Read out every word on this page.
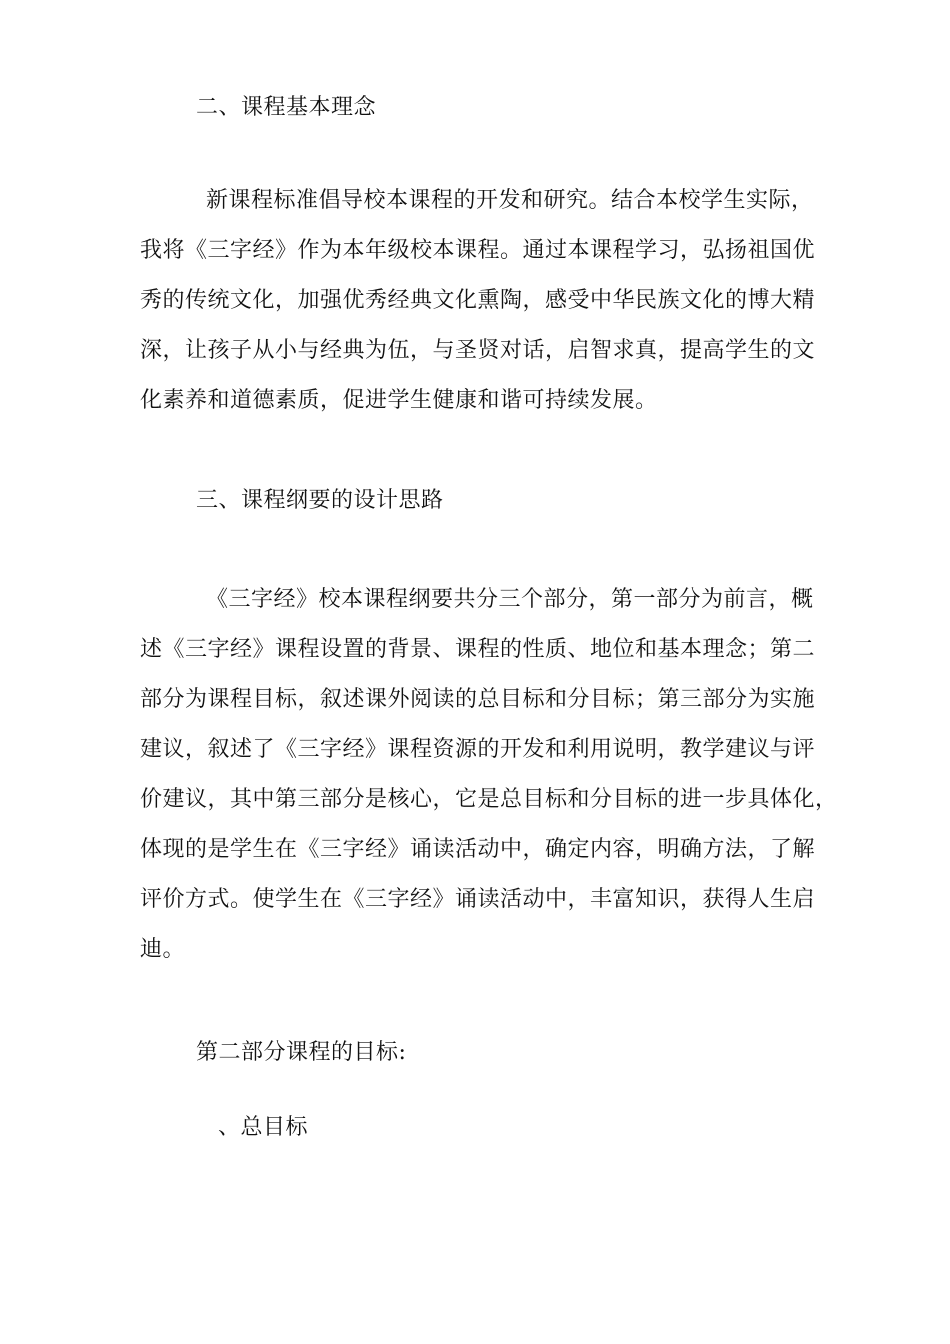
二、课程基本理念
新课程标准倡导校本课程的开发和研究。结合本校学生实际，
我将《三字经》作为本年级校本课程。通过本课程学习，弘扬祖国优
秀的传统文化，加强优秀经典文化熏陶，感受中华民族文化的博大精
深，让孩子从小与经典为伍，与圣贤对话，启智求真，提高学生的文
化素养和道德素质，促进学生健康和谐可持续发展。
三、课程纲要的设计思路
《三字经》校本课程纲要共分三个部分，第一部分为前言，概
述《三字经》课程设置的背景、课程的性质、地位和基本理念；第二
部分为课程目标，叙述课外阅读的总目标和分目标；第三部分为实施
建议，叙述了《三字经》课程资源的开发和利用说明，教学建议与评
价建议，其中第三部分是核心，它是总目标和分目标的进一步具体化，
体现的是学生在《三字经》诵读活动中，确定内容，明确方法，了解
评价方式。使学生在《三字经》诵读活动中，丰富知识，获得人生启
迪。
第二部分课程的目标:
、总目标
